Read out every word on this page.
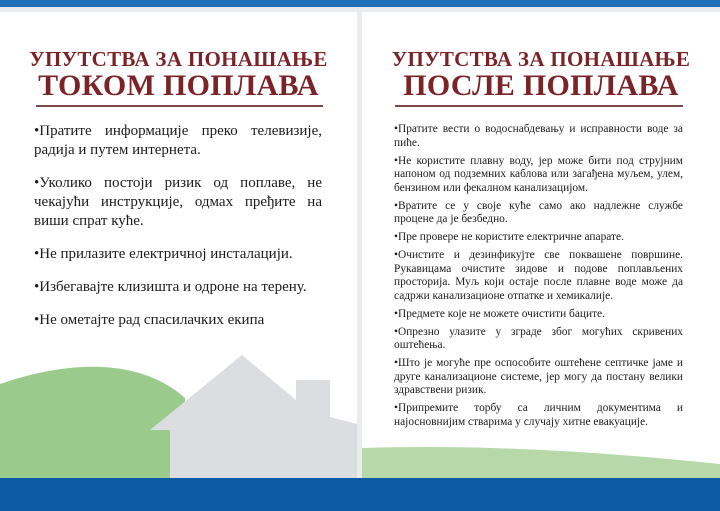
УПУТСТВА ЗА ПОНАШАЊЕ
ТОКОМ ПОПЛАВА
•Пратите информације преко телевизије, радија и путем интернета.
•Уколико постоји ризик од поплаве, не чекајући инструкције, одмах пређите на виши спрат куће.
•Не прилазите електричној инсталацији.
•Избегавајте клизишта и одроне на терену.
•Не ометајте рад спасилачких екипа
УПУТСТВА ЗА ПОНАШАЊЕ
ПОСЛЕ ПОПЛАВА
•Пратите вести о водоснабдевању и исправности воде за пиће.
•Не користите плавну воду, јер може бити под струјним напоном од подземних каблова или загађена муљем, улем, бензином или фекалном канализацијом.
•Вратите се у своје куће само ако надлежне службе процене да је безбедно.
•Пре провере не користите електричне апарате.
•Очистите и дезинфикујте све поквашене површине. Рукавицама очистите зидове и подове поплављених просторија. Муљ који остаје после плавне воде може да садржи канализационе отпатке и хемикалије.
•Предмете које не можете очистити баците.
•Опрезно улазите у зграде због могућих скривених оштећења.
•Што је могуће пре оспособите оштећене септичке јаме и друге канализационе системе, јер могу да постану велики здравствени ризик.
•Припремите торбу са личним документима и најосновнијим стварима у случају хитне евакуације.
